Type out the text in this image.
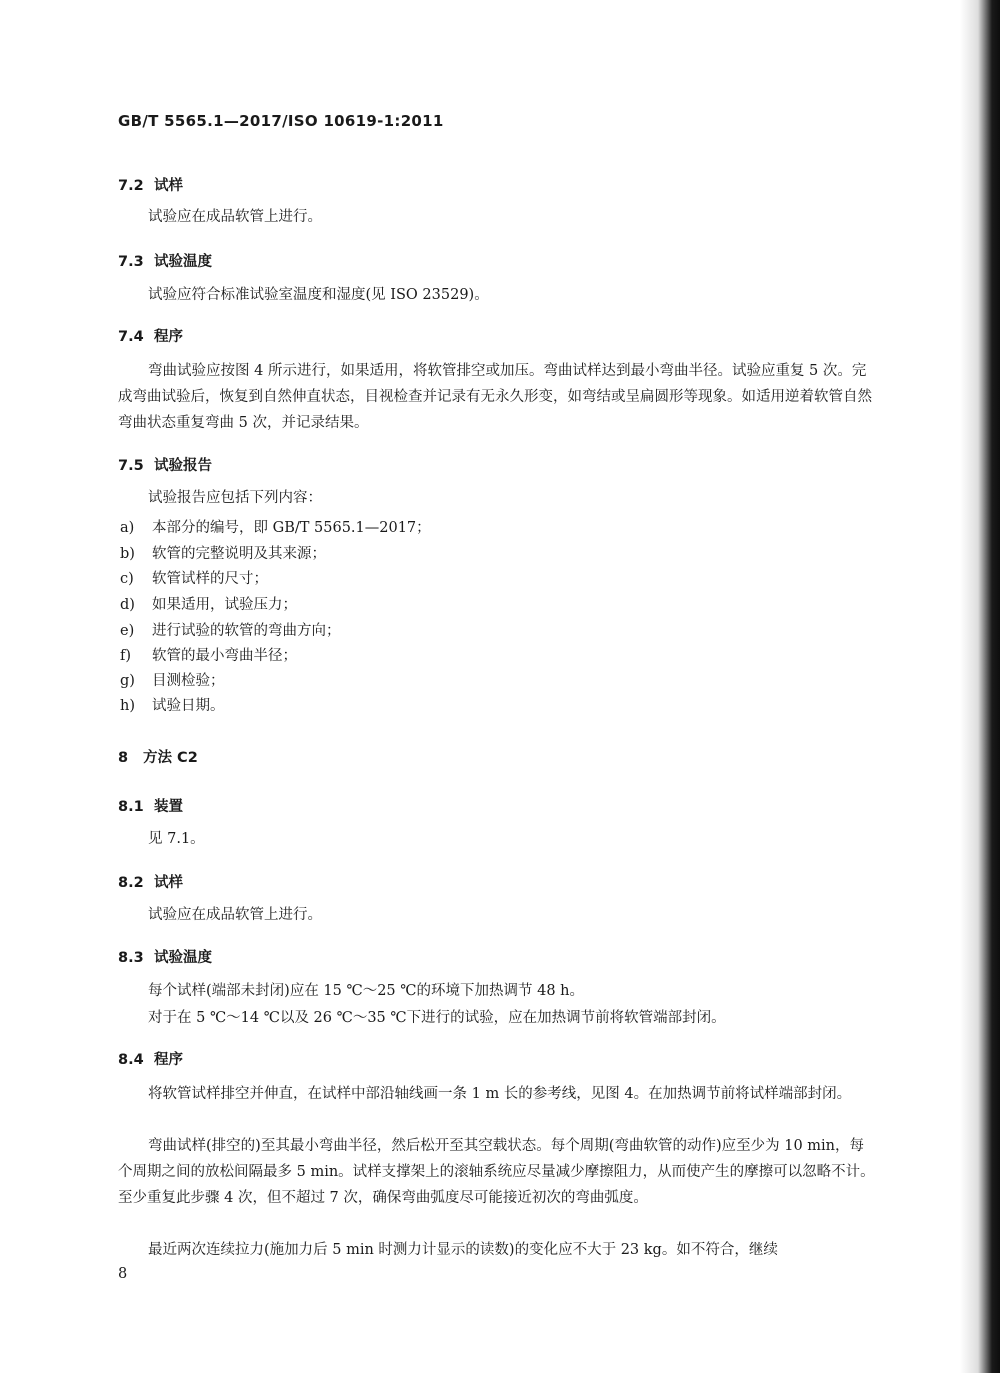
GB/T 5565.1—2017/ISO 10619-1:2011
7.2 试样
试验应在成品软管上进行。
7.3 试验温度
试验应符合标准试验室温度和湿度(见 ISO 23529)。
7.4 程序
弯曲试验应按图 4 所示进行，如果适用，将软管排空或加压。弯曲试样达到最小弯曲半径。试验应重复 5 次。完成弯曲试验后，恢复到自然伸直状态，目视检查并记录有无永久形变，如弯结或呈扁圆形等现象。如适用逆着软管自然弯曲状态重复弯曲 5 次，并记录结果。
7.5 试验报告
试验报告应包括下列内容：
a) 本部分的编号，即 GB/T 5565.1—2017；
b) 软管的完整说明及其来源；
c) 软管试样的尺寸；
d) 如果适用，试验压力；
e) 进行试验的软管的弯曲方向；
f) 软管的最小弯曲半径；
g) 目测检验；
h) 试验日期。
8 方法 C2
8.1 装置
见 7.1。
8.2 试样
试验应在成品软管上进行。
8.3 试验温度
每个试样(端部未封闭)应在 15 ℃～25 ℃的环境下加热调节 48 h。
对于在 5 ℃～14 ℃以及 26 ℃～35 ℃下进行的试验，应在加热调节前将软管端部封闭。
8.4 程序
将软管试样排空并伸直，在试样中部沿轴线画一条 1 m 长的参考线，见图 4。在加热调节前将试样端部封闭。
弯曲试样(排空的)至其最小弯曲半径，然后松开至其空载状态。每个周期(弯曲软管的动作)应至少为 10 min，每个周期之间的放松间隔最多 5 min。试样支撑架上的滚轴系统应尽量减少摩擦阻力，从而使产生的摩擦可以忽略不计。至少重复此步骤 4 次，但不超过 7 次，确保弯曲弧度尽可能接近初次的弯曲弧度。
最近两次连续拉力(施加力后 5 min 时测力计显示的读数)的变化应不大于 23 kg。如不符合，继续
8
